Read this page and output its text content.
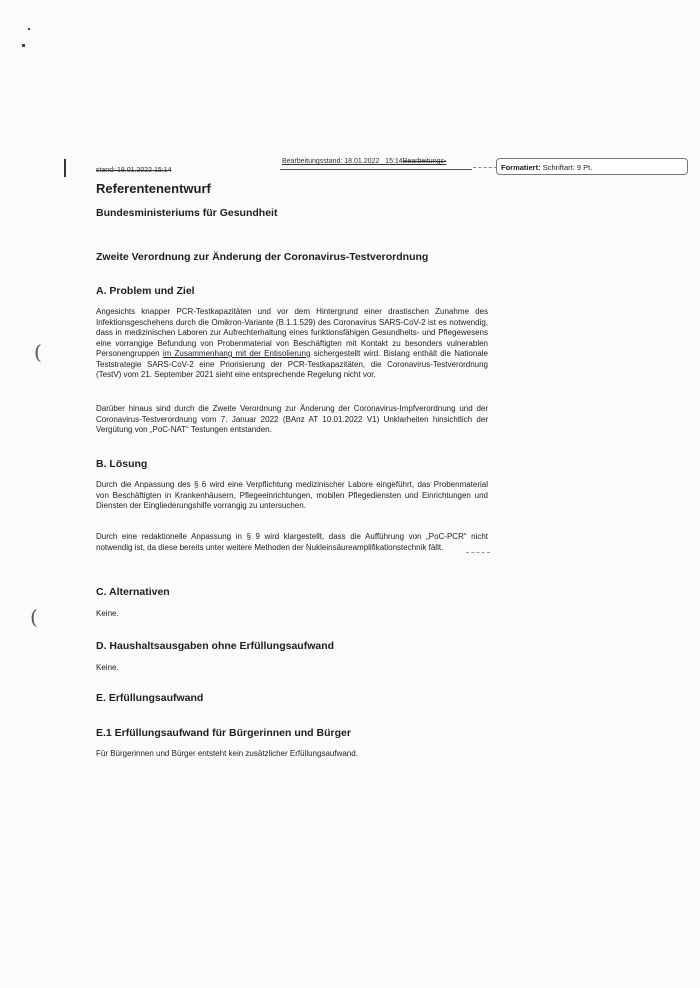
(
(
stand: 18.01.2022 15:14
Bearbeitungsstand: 18.01.2022 15:14Bearbeitungs-
Formatiert: Schriftart: 9 Pt.
Referentenentwurf
Bundesministeriums für Gesundheit
Zweite Verordnung zur Änderung der Coronavirus-Testverordnung
A. Problem und Ziel
Angesichts knapper PCR-Testkapazitäten und vor dem Hintergrund einer drastischen Zunahme des Infektionsgeschehens durch die Omikron-Variante (B.1.1.529) des Coronavirus SARS-CoV-2 ist es notwendig, dass in medizinischen Laboren zur Aufrechterhaltung eines funktionsfähigen Gesundheits- und Pflegewesens eine vorrangige Befundung von Probenmaterial von Beschäftigten mit Kontakt zu besonders vulnerablen Personengruppen im Zusammenhang mit der Entisolierung sichergestellt wird. Bislang enthält die Nationale Teststrategie SARS-CoV-2 eine Priorisierung der PCR-Testkapazitäten, die Coronavirus-Testverordnung (TestV) vom 21. September 2021 sieht eine entsprechende Regelung nicht vor.
Darüber hinaus sind durch die Zweite Verordnung zur Änderung der Coronavirus-Impfverordnung und der Coronavirus-Testverordnung vom 7. Januar 2022 (BAnz AT 10.01.2022 V1) Unklarheiten hinsichtlich der Vergütung von „PoC-NAT“ Testungen entstanden.
B. Lösung
Durch die Anpassung des § 6 wird eine Verpflichtung medizinischer Labore eingeführt, das Probenmaterial von Beschäftigten in Krankenhäusern, Pflegeeinrichtungen, mobilen Pflegediensten und Einrichtungen und Diensten der Eingliederungshilfe vorrangig zu untersuchen.
Durch eine redaktionelle Anpassung in § 9 wird klargestellt, dass die Aufführung von „PoC-PCR“ nicht notwendig ist, da diese bereits unter weitere Methoden der Nukleinsäureamplifikationstechnik fällt.
C. Alternativen
Keine.
D. Haushaltsausgaben ohne Erfüllungsaufwand
Keine.
E. Erfüllungsaufwand
E.1 Erfüllungsaufwand für Bürgerinnen und Bürger
Für Bürgerinnen und Bürger entsteht kein zusätzlicher Erfüllungsaufwand.
